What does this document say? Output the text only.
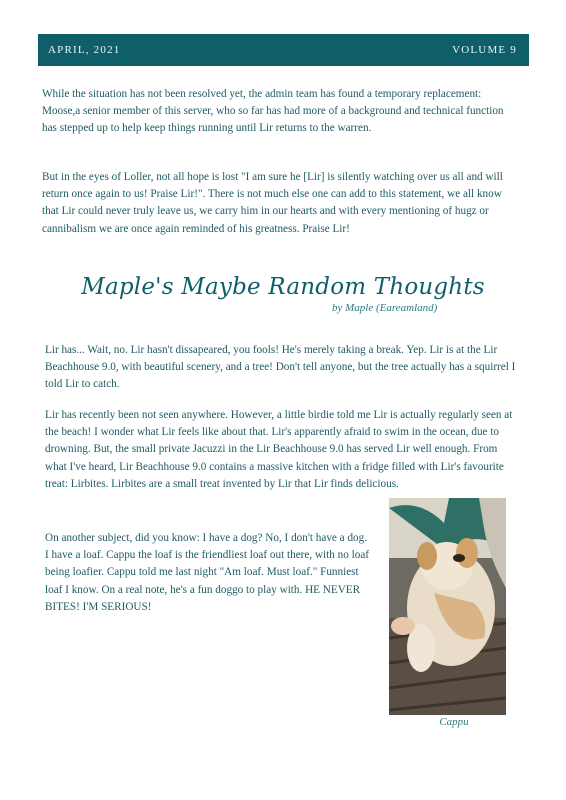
APRIL, 2021	VOLUME 9
While the situation has not been resolved yet, the admin team has found a temporary replacement: Moose,a senior member of this server, who so far has had more of a background and technical function has stepped up to help keep things running until Lir returns to the warren.
But in the eyes of Loller, not all hope is lost "I am sure he [Lir] is silently watching over us all and will return once again to us! Praise Lir!". There is not much else one can add to this statement, we all know that Lir could never truly leave us, we carry him in our hearts and with every mentioning of hugz or cannibalism we are once again reminded of his greatness. Praise Lir!
Maple's Maybe Random Thoughts
by Maple (Eareamland)
Lir has... Wait, no. Lir hasn't dissapeared, you fools! He's merely taking a break. Yep. Lir is at the Lir Beachhouse 9.0, with beautiful scenery, and a tree! Don't tell anyone, but the tree actually has a squirrel I told Lir to catch.
Lir has recently been not seen anywhere. However, a little birdie told me Lir is actually regularly seen at the beach! I wonder what Lir feels like about that. Lir's apparently afraid to swim in the ocean, due to drowning. But, the small private Jacuzzi in the Lir Beachhouse 9.0 has served Lir well enough. From what I've heard, Lir Beachhouse 9.0 contains a massive kitchen with a fridge filled with Lir's favourite treat: Lirbites. Lirbites are a small treat invented by Lir that Lir finds delicious.
On another subject, did you know: I have a dog? No, I don't have a dog. I have a loaf. Cappu the loaf is the friendliest loaf out there, with no loaf being loafier. Cappu told me last night "Am loaf. Must loaf." Funniest loaf I know. On a real note, he's a fun doggo to play with. HE NEVER BITES! I'M SERIOUS!
Cappu
